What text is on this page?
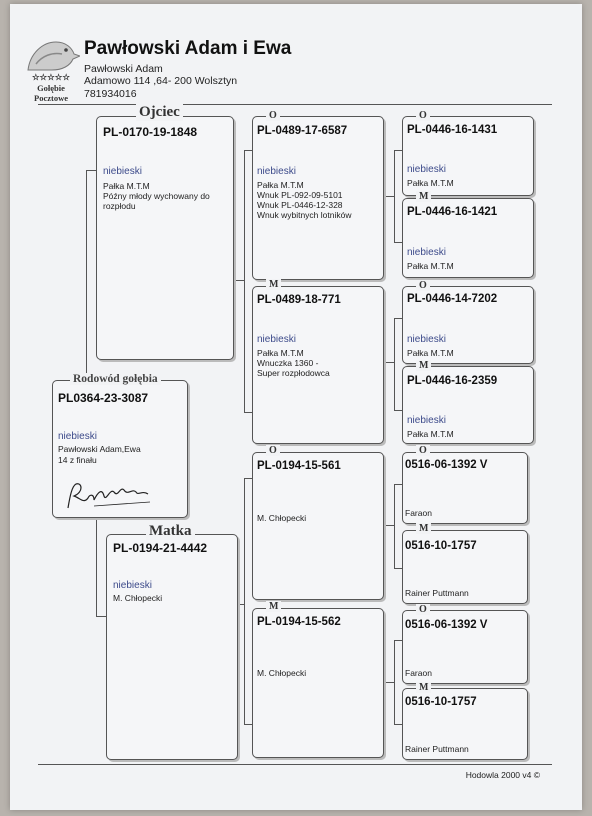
☆☆☆☆☆
Gołębie
Pocztowe
Pawłowski Adam i Ewa
Pawłowski Adam
Adamowo 114 ,64- 200 Wolsztyn
781934016
Ojciec
PL-0170-19-1848
niebieski
Pałka M.T.M
Późny młody wychowany do
rozpłodu
Rodowód gołębia
PL0364-23-3087
niebieski
Pawłowski Adam,Ewa
14 z finału
Matka
PL-0194-21-4442
niebieski
M. Chłopecki
O
PL-0489-17-6587
niebieski
Pałka M.T.M
Wnuk PL-092-09-5101
Wnuk PL-0446-12-328
Wnuk wybitnych lotników
M
PL-0489-18-771
niebieski
Pałka M.T.M
Wnuczka 1360 -
Super rozpłodowca
O
PL-0194-15-561
M. Chłopecki
M
PL-0194-15-562
M. Chłopecki
O
PL-0446-16-1431
niebieski
Pałka M.T.M
M
PL-0446-16-1421
niebieski
Pałka M.T.M
O
PL-0446-14-7202
niebieski
Pałka M.T.M
M
PL-0446-16-2359
niebieski
Pałka M.T.M
O
0516-06-1392 V
Faraon
M
0516-10-1757
Rainer Puttmann
O
0516-06-1392 V
Faraon
M
0516-10-1757
Rainer Puttmann
Hodowla 2000 v4 ©
